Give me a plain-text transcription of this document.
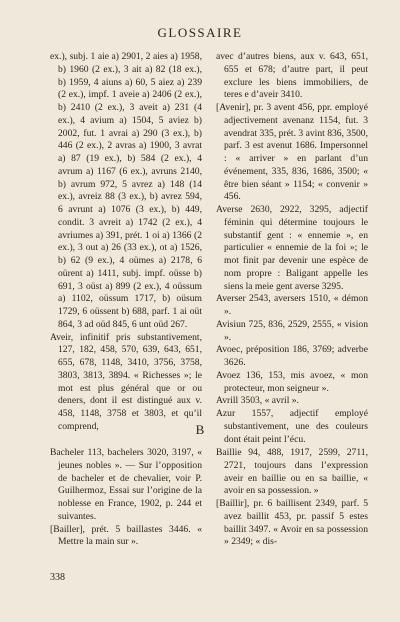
GLOSSAIRE

ex.), subj. 1 aie a) 2901, 2 aies a) 1958, b) 1960 (2 ex.), 3 ait a) 82 (18 ex.), b) 1959, 4 aiuns a) 60, 5 aiez a) 239 (2 ex.), impf. 1 aveie a) 2406 (2 ex.), b) 2410 (2 ex.), 3 aveit a) 231 (4 ex.), 4 avium a) 1504, 5 aviez b) 2002, fut. 1 avrai a) 290 (3 ex.), b) 446 (2 ex.), 2 avras a) 1900, 3 avrat a) 87 (19 ex.), b) 584 (2 ex.), 4 avrum a) 1167 (6 ex.), avruns 2140, b) avrum 972, 5 avrez a) 148 (14 ex.), avreiz 88 (3 ex.), b) avrez 594, 6 avrunt a) 1076 (3 ex.), b) 449, condit. 3 avreit a) 1742 (2 ex.), 4 avriumes a) 391, prét. 1 oi a) 1366 (2 ex.), 3 out a) 26 (33 ex.), ot a) 1526, b) 62 (9 ex.), 4 oümes a) 2178, 6 oürent a) 1411, subj. impf. oüsse b) 691, 3 oüst a) 899 (2 ex.), 4 oüssum a) 1102, oüssum 1717, b) oüsum 1729, 6 oüssent b) 688, parf. 1 ai oüt 864, 3 ad oüd 845, 6 unt oüd 267.

Aveir, infinitif pris substantivement, 127, 182, 458, 570, 639, 643, 651, 655, 678, 1148, 3410, 3756, 3758, 3803, 3813, 3894. « Richesses »; le mot est plus général que or ou deners, dont il est distingué aux v. 458, 1148, 3758 et 3803, et qu’il comprend,

avec d’autres biens, aux v. 643, 651, 655 et 678; d’autre part, il peut exclure les biens immobiliers, de teres e d’aveir 3410.

[Avenir], pr. 3 avent 456, ppr. employé adjectivement avenanz 1154, fut. 3 avendrat 335, prét. 3 avint 836, 3500, parf. 3 est avenut 1686. Impersonnel : « arriver » en parlant d’un événement, 335, 836, 1686, 3500; « être bien séant » 1154; « convenir » 456.

Averse 2630, 2922, 3295, adjectif féminin qui détermine toujours le substantif gent : « ennemie », en particulier « ennemie de la foi »; le mot finit par devenir une espèce de nom propre : Baligant appelle les siens la meie gent averse 3295.

Averser 2543, aversers 1510, « démon ».

Avisiun 725, 836, 2529, 2555, « vision ».

Avoec, préposition 186, 3769; adverbe 3626.

Avoez 136, 153, mis avoez, « mon protecteur, mon seigneur ».

Avrill 3503, « avril ».

Azur 1557, adjectif employé substantivement, une des couleurs dont était peint l’écu.

B

Bacheler 113, bachelers 3020, 3197, « jeunes nobles ». — Sur l’opposition de bacheler et de chevalier, voir P. Guilhermoz, Essai sur l’origine de la noblesse en France, 1902, p. 244 et suivantes.

[Bailler], prét. 5 baillastes 3446. « Mettre la main sur ».

Baillie 94, 488, 1917, 2599, 2711, 2721, toujours dans l’expression aveir en baillie ou en sa baillie, « avoir en sa possession. »

[Baillir], pr. 6 baillisent 2349, parf. 5 avez baillit 453, pr. passif 5 estes baillit 3497. « Avoir en sa possession » 2349; « dis-

338
